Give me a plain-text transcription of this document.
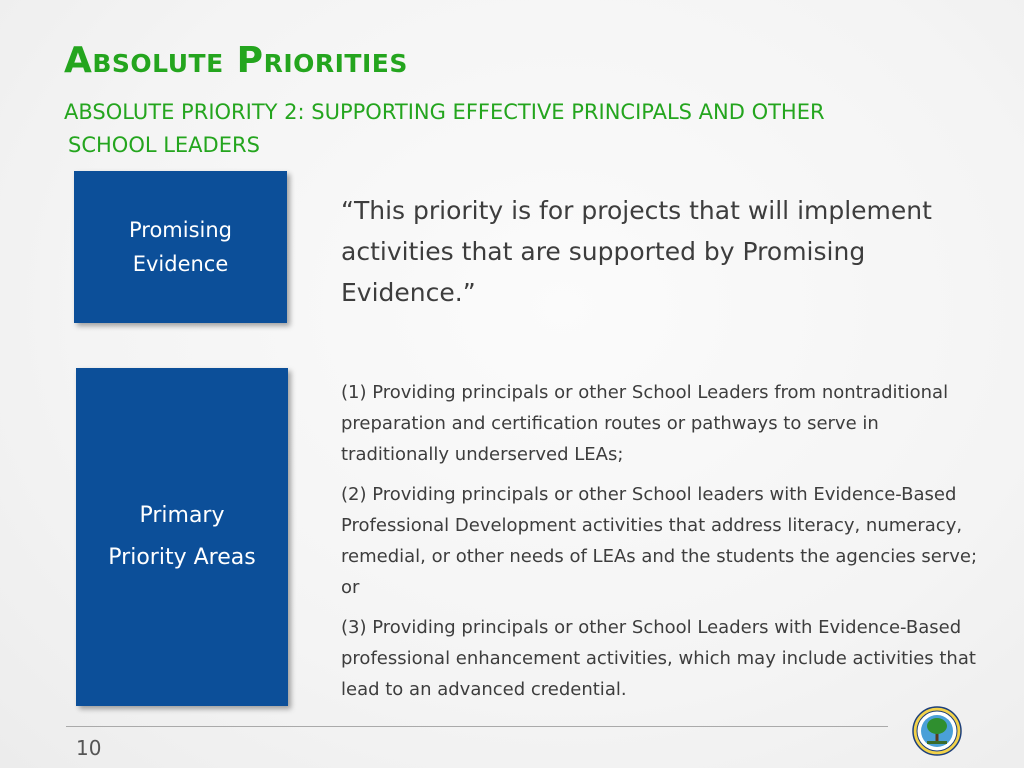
Absolute Priorities
ABSOLUTE PRIORITY 2: SUPPORTING EFFECTIVE PRINCIPALS AND OTHER
SCHOOL LEADERS
Promising
Evidence

“This priority is for projects that will implement activities that are supported by Promising Evidence.”

Primary
Priority Areas
(1) Providing principals or other School Leaders from nontraditional preparation and certification routes or pathways to serve in traditionally underserved LEAs;
(2) Providing principals or other School leaders with Evidence-Based Professional Development activities that address literacy, numeracy, remedial, or other needs of LEAs and the students the agencies serve; or
(3) Providing principals or other School Leaders with Evidence-Based professional enhancement activities, which may include activities that lead to an advanced credential.
10
